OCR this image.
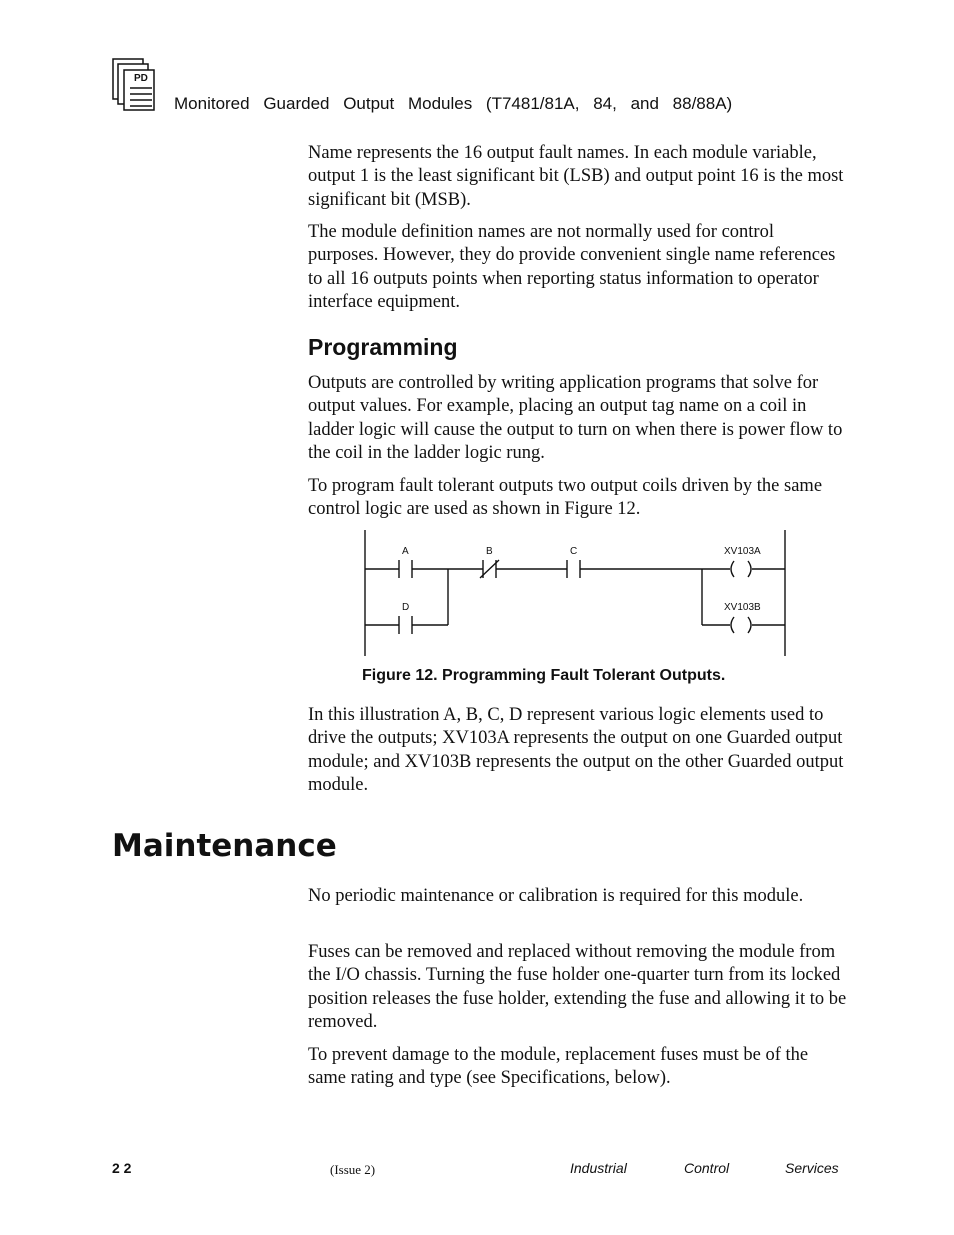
PD
Monitored Guarded Output Modules (T7481/81A, 84, and 88/88A)

Name represents the 16 output fault names. In each module variable, output 1 is the least significant bit (LSB) and output point 16 is the most significant bit (MSB).

The module definition names are not normally used for control purposes. However, they do provide convenient single name references to all 16 outputs points when reporting status information to operator interface equipment.

Programming

Outputs are controlled by writing application programs that solve for output values. For example, placing an output tag name on a coil in ladder logic will cause the output to turn on when there is power flow to the coil in the ladder logic rung.

To program fault tolerant outputs two output coils driven by the same control logic are used as shown in Figure 12.

A	B	C
D
XV103A
XV103B
Figure 12. Programming Fault Tolerant Outputs.

In this illustration A, B, C, D represent various logic elements used to drive the outputs; XV103A represents the output on one Guarded output module; and XV103B represents the output on the other Guarded output module.

Maintenance

No periodic maintenance or calibration is required for this module.

Fuses can be removed and replaced without removing the module from the I/O chassis. Turning the fuse holder one-quarter turn from its locked position releases the fuse holder, extending the fuse and allowing it to be removed.

To prevent damage to the module, replacement fuses must be of the same rating and type (see Specifications, below).

2 2	(Issue 2)	Industrial	Control	Services
